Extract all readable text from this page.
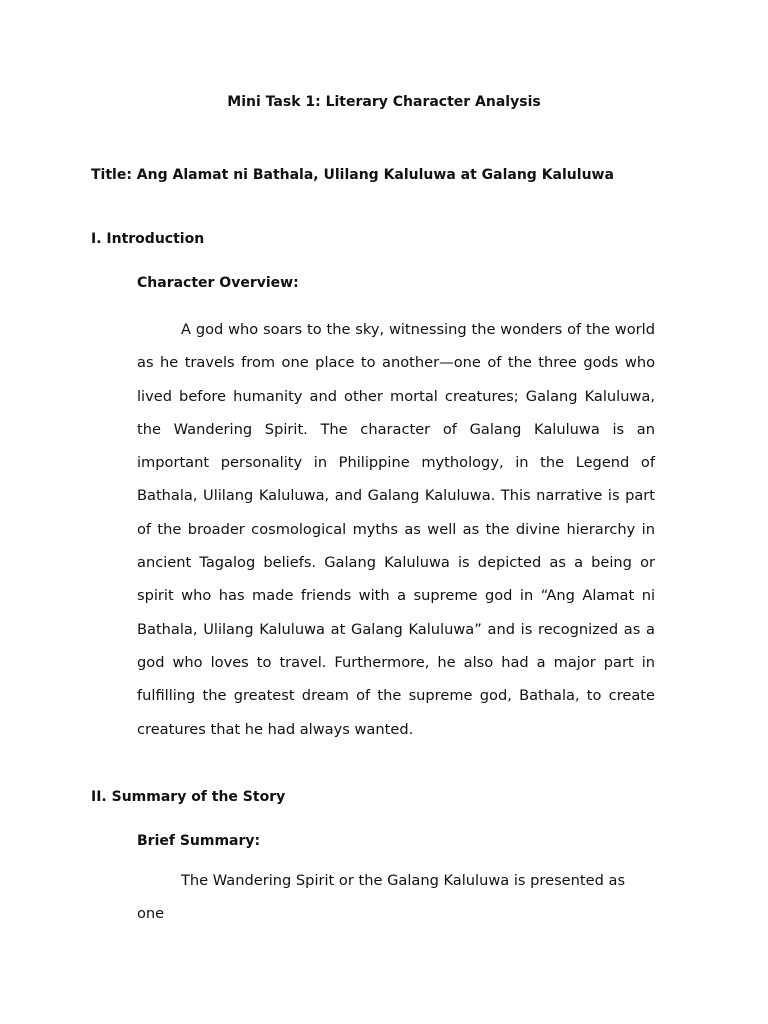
Mini Task 1: Literary Character Analysis
Title: Ang Alamat ni Bathala, Ulilang Kaluluwa at Galang Kaluluwa
I. Introduction
Character Overview:

A god who soars to the sky, witnessing the wonders of the world as he travels from one place to another—one of the three gods who lived before humanity and other mortal creatures; Galang Kaluluwa, the Wandering Spirit. The character of Galang Kaluluwa is an important personality in Philippine mythology, in the Legend of Bathala, Ulilang Kaluluwa, and Galang Kaluluwa. This narrative is part of the broader cosmological myths as well as the divine hierarchy in ancient Tagalog beliefs. Galang Kaluluwa is depicted as a being or spirit who has made friends with a supreme god in “Ang Alamat ni Bathala, Ulilang Kaluluwa at Galang Kaluluwa” and is recognized as a god who loves to travel. Furthermore, he also had a major part in fulfilling the greatest dream of the supreme god, Bathala, to create creatures that he had always wanted.

II. Summary of the Story
Brief Summary:

The Wandering Spirit or the Galang Kaluluwa is presented as one
